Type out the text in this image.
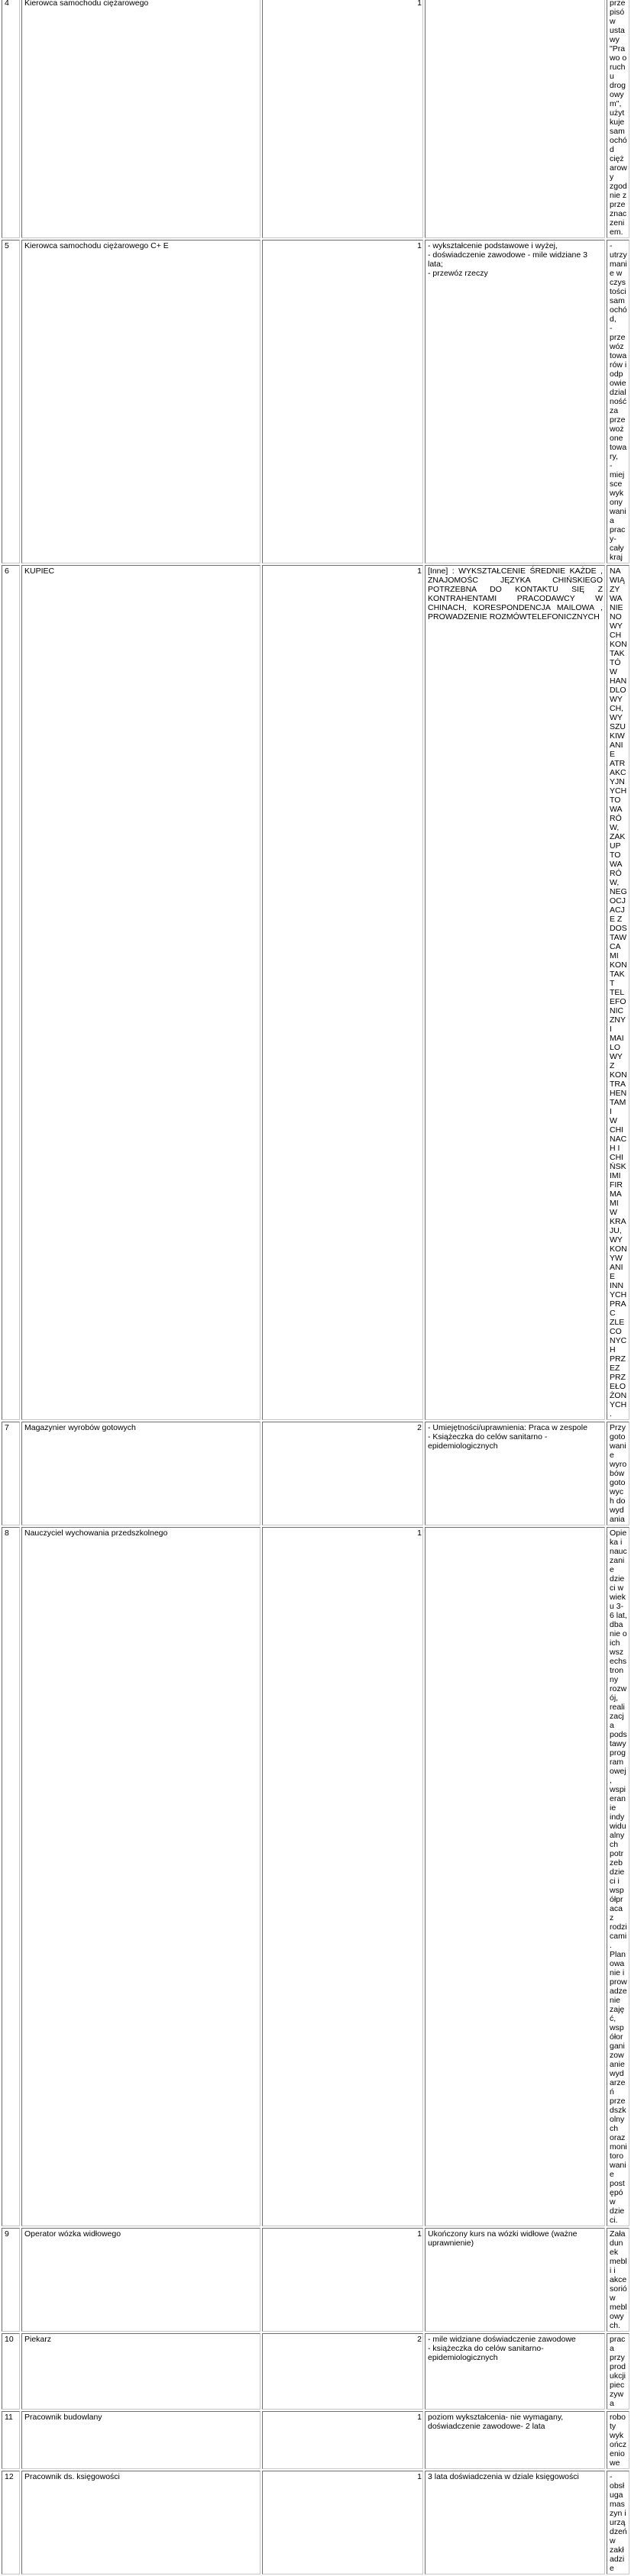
4	Kierowca samochodu ciężarowego	1		przepisów ustawy "Prawo o ruchu drogowym", użytkuje samochód ciężarowy zgodnie z przeznaczeniem.
5	Kierowca samochodu ciężarowego C+ E	1	- wykształcenie podstawowe i wyżej,
- doświadczenie zawodowe - mile widziane 3 lata;
- przewóz rzeczy	- utrzymanie w czystości samochód,
- przewóz towarów i odpowiedzialność za przewożone towary,
- miejsce wykonywania pracy- cały kraj
6	KUPIEC	1	[Inne] : WYKSZTAŁCENIE ŚREDNIE KAŻDE , ZNAJOMOŚC JĘZYKA CHIŃSKIEGO POTRZEBNA DO KONTAKTU SIĘ Z KONTRAHENTAMI PRACODAWCY W CHINACH, KORESPONDENCJA MAILOWA , PROWADZENIE ROZMÓWTELEFONICZNYCH	NAWIĄZYWANIE NOWYCH KONTAKTÓW HANDLOWYCH, WYSZUKIWANIE ATRAKCYJNYCH TOWARÓW,
ZAKUP TOWARÓW, NEGOCJACJE Z DOSTAWCAMI KONTAKT TELEFONICZNY I MAILOWY Z KONTRAHENTAMI
W CHINACH I CHIŃSKIMI FIRMAMI W KRAJU, WYKONYWANIE INNYCH PRAC ZLECONYCH PRZEZ
PRZEŁOŻONYCH.
7	Magazynier wyrobów gotowych	2	- Umiejętności/uprawnienia: Praca w zespole
- Książeczka do celów sanitarno - epidemiologicznych	Przygotowanie wyrobów gotowych do wydania
8	Nauczyciel wychowania przedszkolnego	1		Opieka i nauczanie dzieci w wieku 3-6 lat, dbanie o ich wszechstronny rozwój, realizacja podstawy programowej, wspieranie indywidualnych potrzeb dzieci i współpraca z rodzicami. Planowanie i prowadzenie zajęć, współorganizowanie wydarzeń przedszkolnych oraz monitorowanie postępów dzieci.
9	Operator wózka widłowego	1	Ukończony kurs na wózki widłowe (ważne uprawnienie)	Załadunek mebli i akcesoriów meblowych.
10	Piekarz	2	- mile widziane doświadczenie zawodowe
- książeczka do celów sanitarno-epidemiologicznych	praca przy produkcji pieczywa
11	Pracownik budowlany	1	poziom wykształcenia- nie wymagany, doświadczenie zawodowe- 2 lata	roboty wykończeniowe
12	Pracownik ds. księgowości	1	3 lata doświadczenia w dziale księgowości	- obsługa maszyn i urządzeń w zakładzie
